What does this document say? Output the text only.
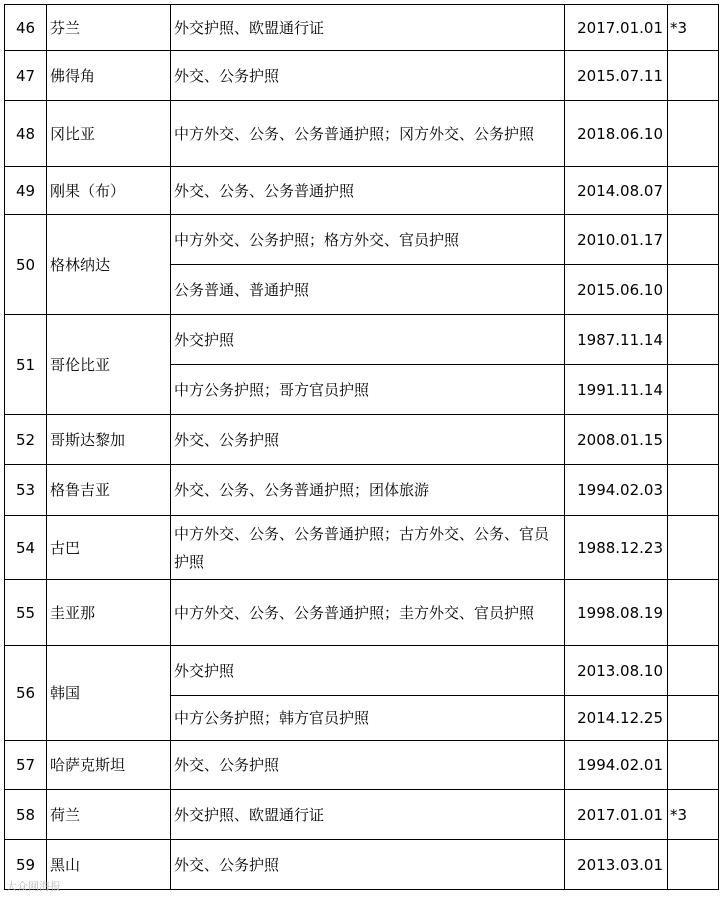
46	芬兰	外交护照、欧盟通行证	2017.01.01	*3
47	佛得角	外交、公务护照	2015.07.11	
48	冈比亚	中方外交、公务、公务普通护照；冈方外交、公务护照	2018.06.10	
49	刚果（布）	外交、公务、公务普通护照	2014.08.07	
50	格林纳达	中方外交、公务护照；格方外交、官员护照	2010.01.17	
		公务普通、普通护照	2015.06.10	
51	哥伦比亚	外交护照	1987.11.14	
		中方公务护照；哥方官员护照	1991.11.14	
52	哥斯达黎加	外交、公务护照	2008.01.15	
53	格鲁吉亚	外交、公务、公务普通护照；团体旅游	1994.02.03	
54	古巴	中方外交、公务、公务普通护照；古方外交、公务、官员护照	1988.12.23	
55	圭亚那	中方外交、公务、公务普通护照；圭方外交、官员护照	1998.08.19	
56	韩国	外交护照	2013.08.10	
		中方公务护照；韩方官员护照	2014.12.25	
57	哈萨克斯坦	外交、公务护照	1994.02.01	
58	荷兰	外交护照、欧盟通行证	2017.01.01	*3
59	黑山	外交、公务护照	2013.03.01	
大众网海报
